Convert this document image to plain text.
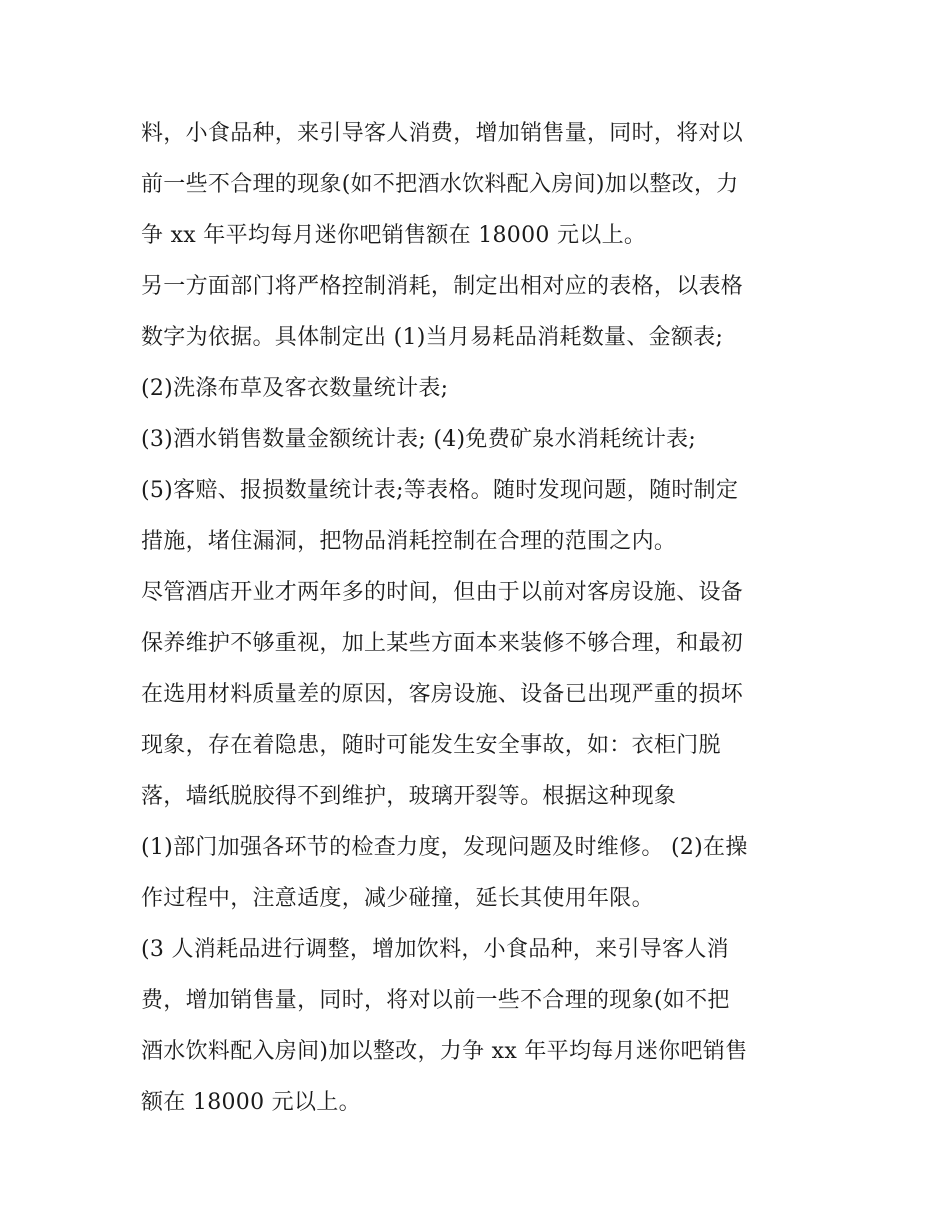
料，小食品种，来引导客人消费，增加销售量，同时，将对以
前一些不合理的现象(如不把酒水饮料配入房间)加以整改，力
争 xx 年平均每月迷你吧销售额在 18000 元以上。
另一方面部门将严格控制消耗，制定出相对应的表格，以表格
数字为依据。具体制定出 (1)当月易耗品消耗数量、金额表;
(2)洗涤布草及客衣数量统计表;
(3)酒水销售数量金额统计表; (4)免费矿泉水消耗统计表;
(5)客赔、报损数量统计表;等表格。随时发现问题，随时制定
措施，堵住漏洞，把物品消耗控制在合理的范围之内。
尽管酒店开业才两年多的时间，但由于以前对客房设施、设备
保养维护不够重视，加上某些方面本来装修不够合理，和最初
在选用材料质量差的原因，客房设施、设备已出现严重的损坏
现象，存在着隐患，随时可能发生安全事故，如：衣柜门脱
落，墙纸脱胶得不到维护，玻璃开裂等。根据这种现象
(1)部门加强各环节的检查力度，发现问题及时维修。 (2)在操
作过程中，注意适度，减少碰撞，延长其使用年限。
(3 人消耗品进行调整，增加饮料，小食品种，来引导客人消
费，增加销售量，同时，将对以前一些不合理的现象(如不把
酒水饮料配入房间)加以整改，力争 xx 年平均每月迷你吧销售
额在 18000 元以上。
